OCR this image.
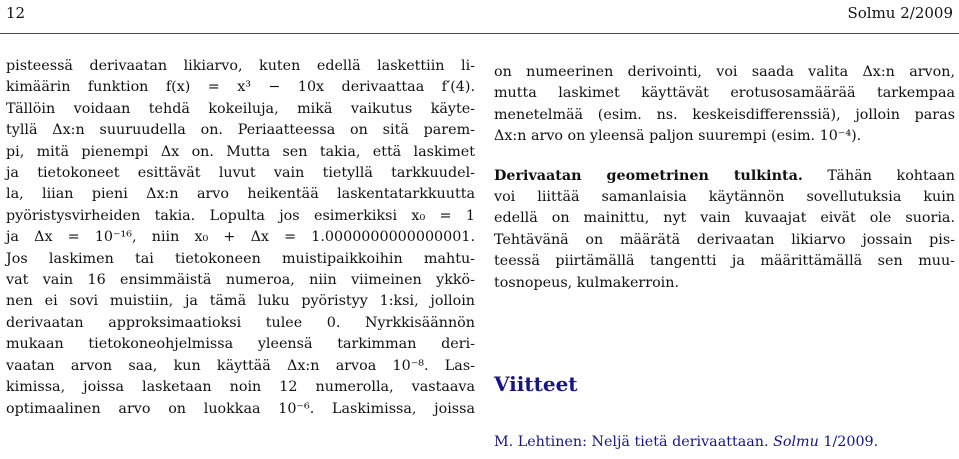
12	Solmu 2/2009
pisteessä derivaatan likiarvo, kuten edellä laskettiin li-
kimäärin funktion f(x) = x³ − 10x derivaattaa f′(4).
Tällöin voidaan tehdä kokeiluja, mikä vaikutus käyte-
tyllä Δx:n suuruudella on. Periaatteessa on sitä parem-
pi, mitä pienempi Δx on. Mutta sen takia, että laskimet
ja tietokoneet esittävät luvut vain tietyllä tarkkuudel-
la, liian pieni Δx:n arvo heikentää laskentatarkkuutta
pyöristysvirheiden takia. Lopulta jos esimerkiksi x₀ = 1
ja Δx = 10⁻¹⁶, niin x₀ + Δx = 1.0000000000000001.
Jos laskimen tai tietokoneen muistipaikkoihin mahtu-
vat vain 16 ensimmäistä numeroa, niin viimeinen ykkö-
nen ei sovi muistiin, ja tämä luku pyöristyy 1:ksi, jolloin
derivaatan approksimaatioksi tulee 0. Nyrkkisäännön
mukaan tietokoneohjelmissa yleensä tarkimman deri-
vaatan arvon saa, kun käyttää Δx:n arvoa 10⁻⁸. Las-
kimissa, joissa lasketaan noin 12 numerolla, vastaava
optimaalinen arvo on luokkaa 10⁻⁶. Laskimissa, joissa
on numeerinen derivointi, voi saada valita Δx:n arvon,
mutta laskimet käyttävät erotusosamäärää tarkempaa
menetelmää (esim. ns. keskeisdifferenssiä), jolloin paras
Δx:n arvo on yleensä paljon suurempi (esim. 10⁻⁴).
Derivaatan geometrinen tulkinta. Tähän kohtaan
voi liittää samanlaisia käytännön sovellutuksia kuin
edellä on mainittu, nyt vain kuvaajat eivät ole suoria.
Tehtävänä on määrätä derivaatan likiarvo jossain pis-
teessä piirtämällä tangentti ja määrittämällä sen muu-
tosnopeus, kulmakerroin.
Viitteet
M. Lehtinen: Neljä tietä derivaattaan. Solmu 1/2009.
